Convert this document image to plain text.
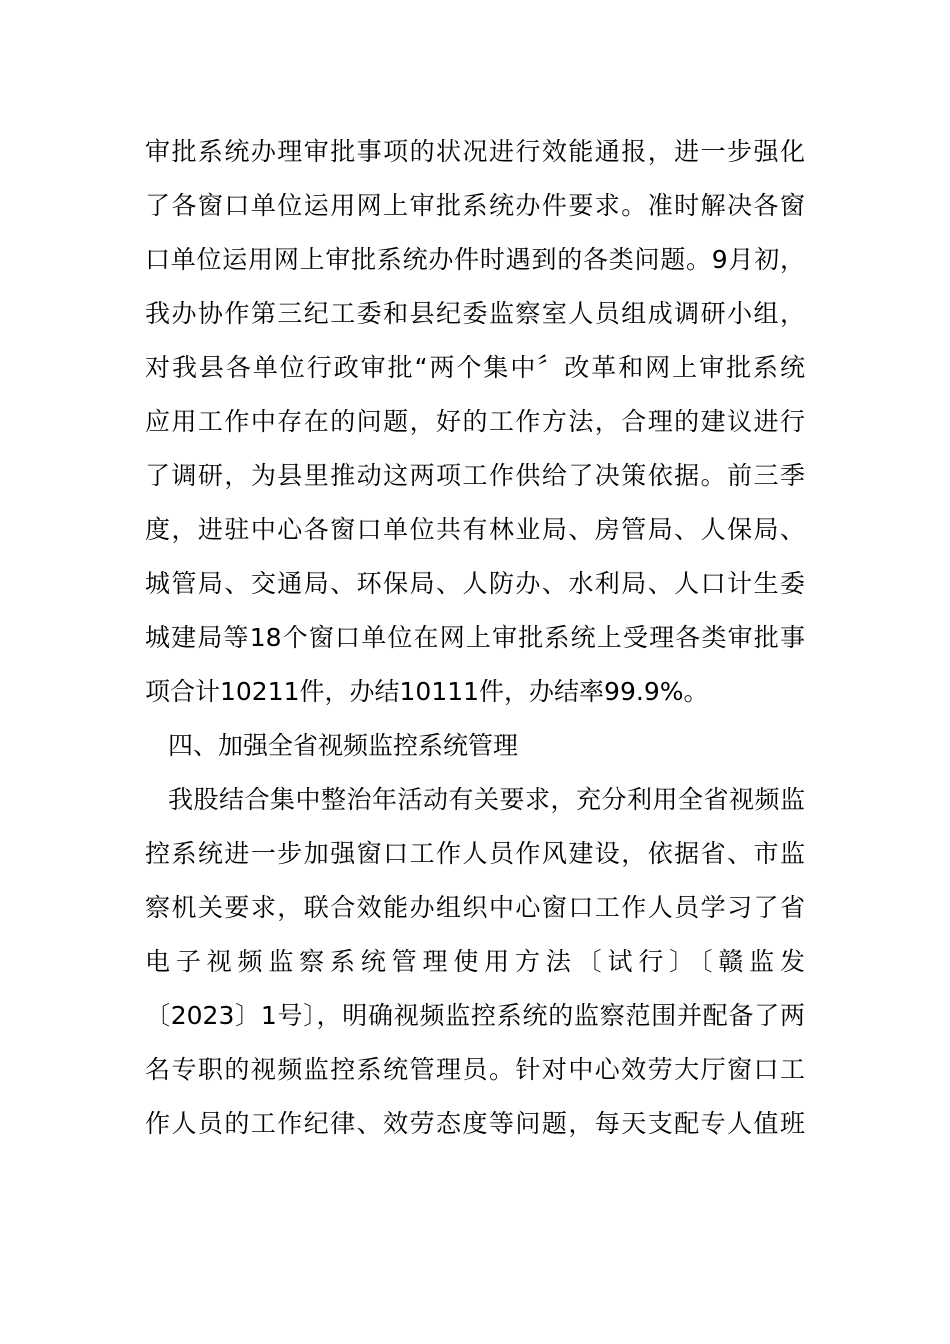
审批系统办理审批事项的状况进行效能通报，进一步强化
了各窗口单位运用网上审批系统办件要求。准时解决各窗
口单位运用网上审批系统办件时遇到的各类问题。9月初，
我办协作第三纪工委和县纪委监察室人员组成调研小组，
对我县各单位行政审批“两个集中〞改革和网上审批系统
应用工作中存在的问题，好的工作方法，合理的建议进行
了调研，为县里推动这两项工作供给了决策依据。前三季
度，进驻中心各窗口单位共有林业局、房管局、人保局、
城管局、交通局、环保局、人防办、水利局、人口计生委
城建局等18个窗口单位在网上审批系统上受理各类审批事
项合计10211件，办结10111件，办结率99.9%。
四、加强全省视频监控系统管理
我股结合集中整治年活动有关要求，充分利用全省视频监
控系统进一步加强窗口工作人员作风建设，依据省、市监
察机关要求，联合效能办组织中心窗口工作人员学习了省
电子视频监察系统管理使用方法〔试行〕〔赣监发
〔2023〕1号〕，明确视频监控系统的监察范围并配备了两
名专职的视频监控系统管理员。针对中心效劳大厅窗口工
作人员的工作纪律、效劳态度等问题，每天支配专人值班
